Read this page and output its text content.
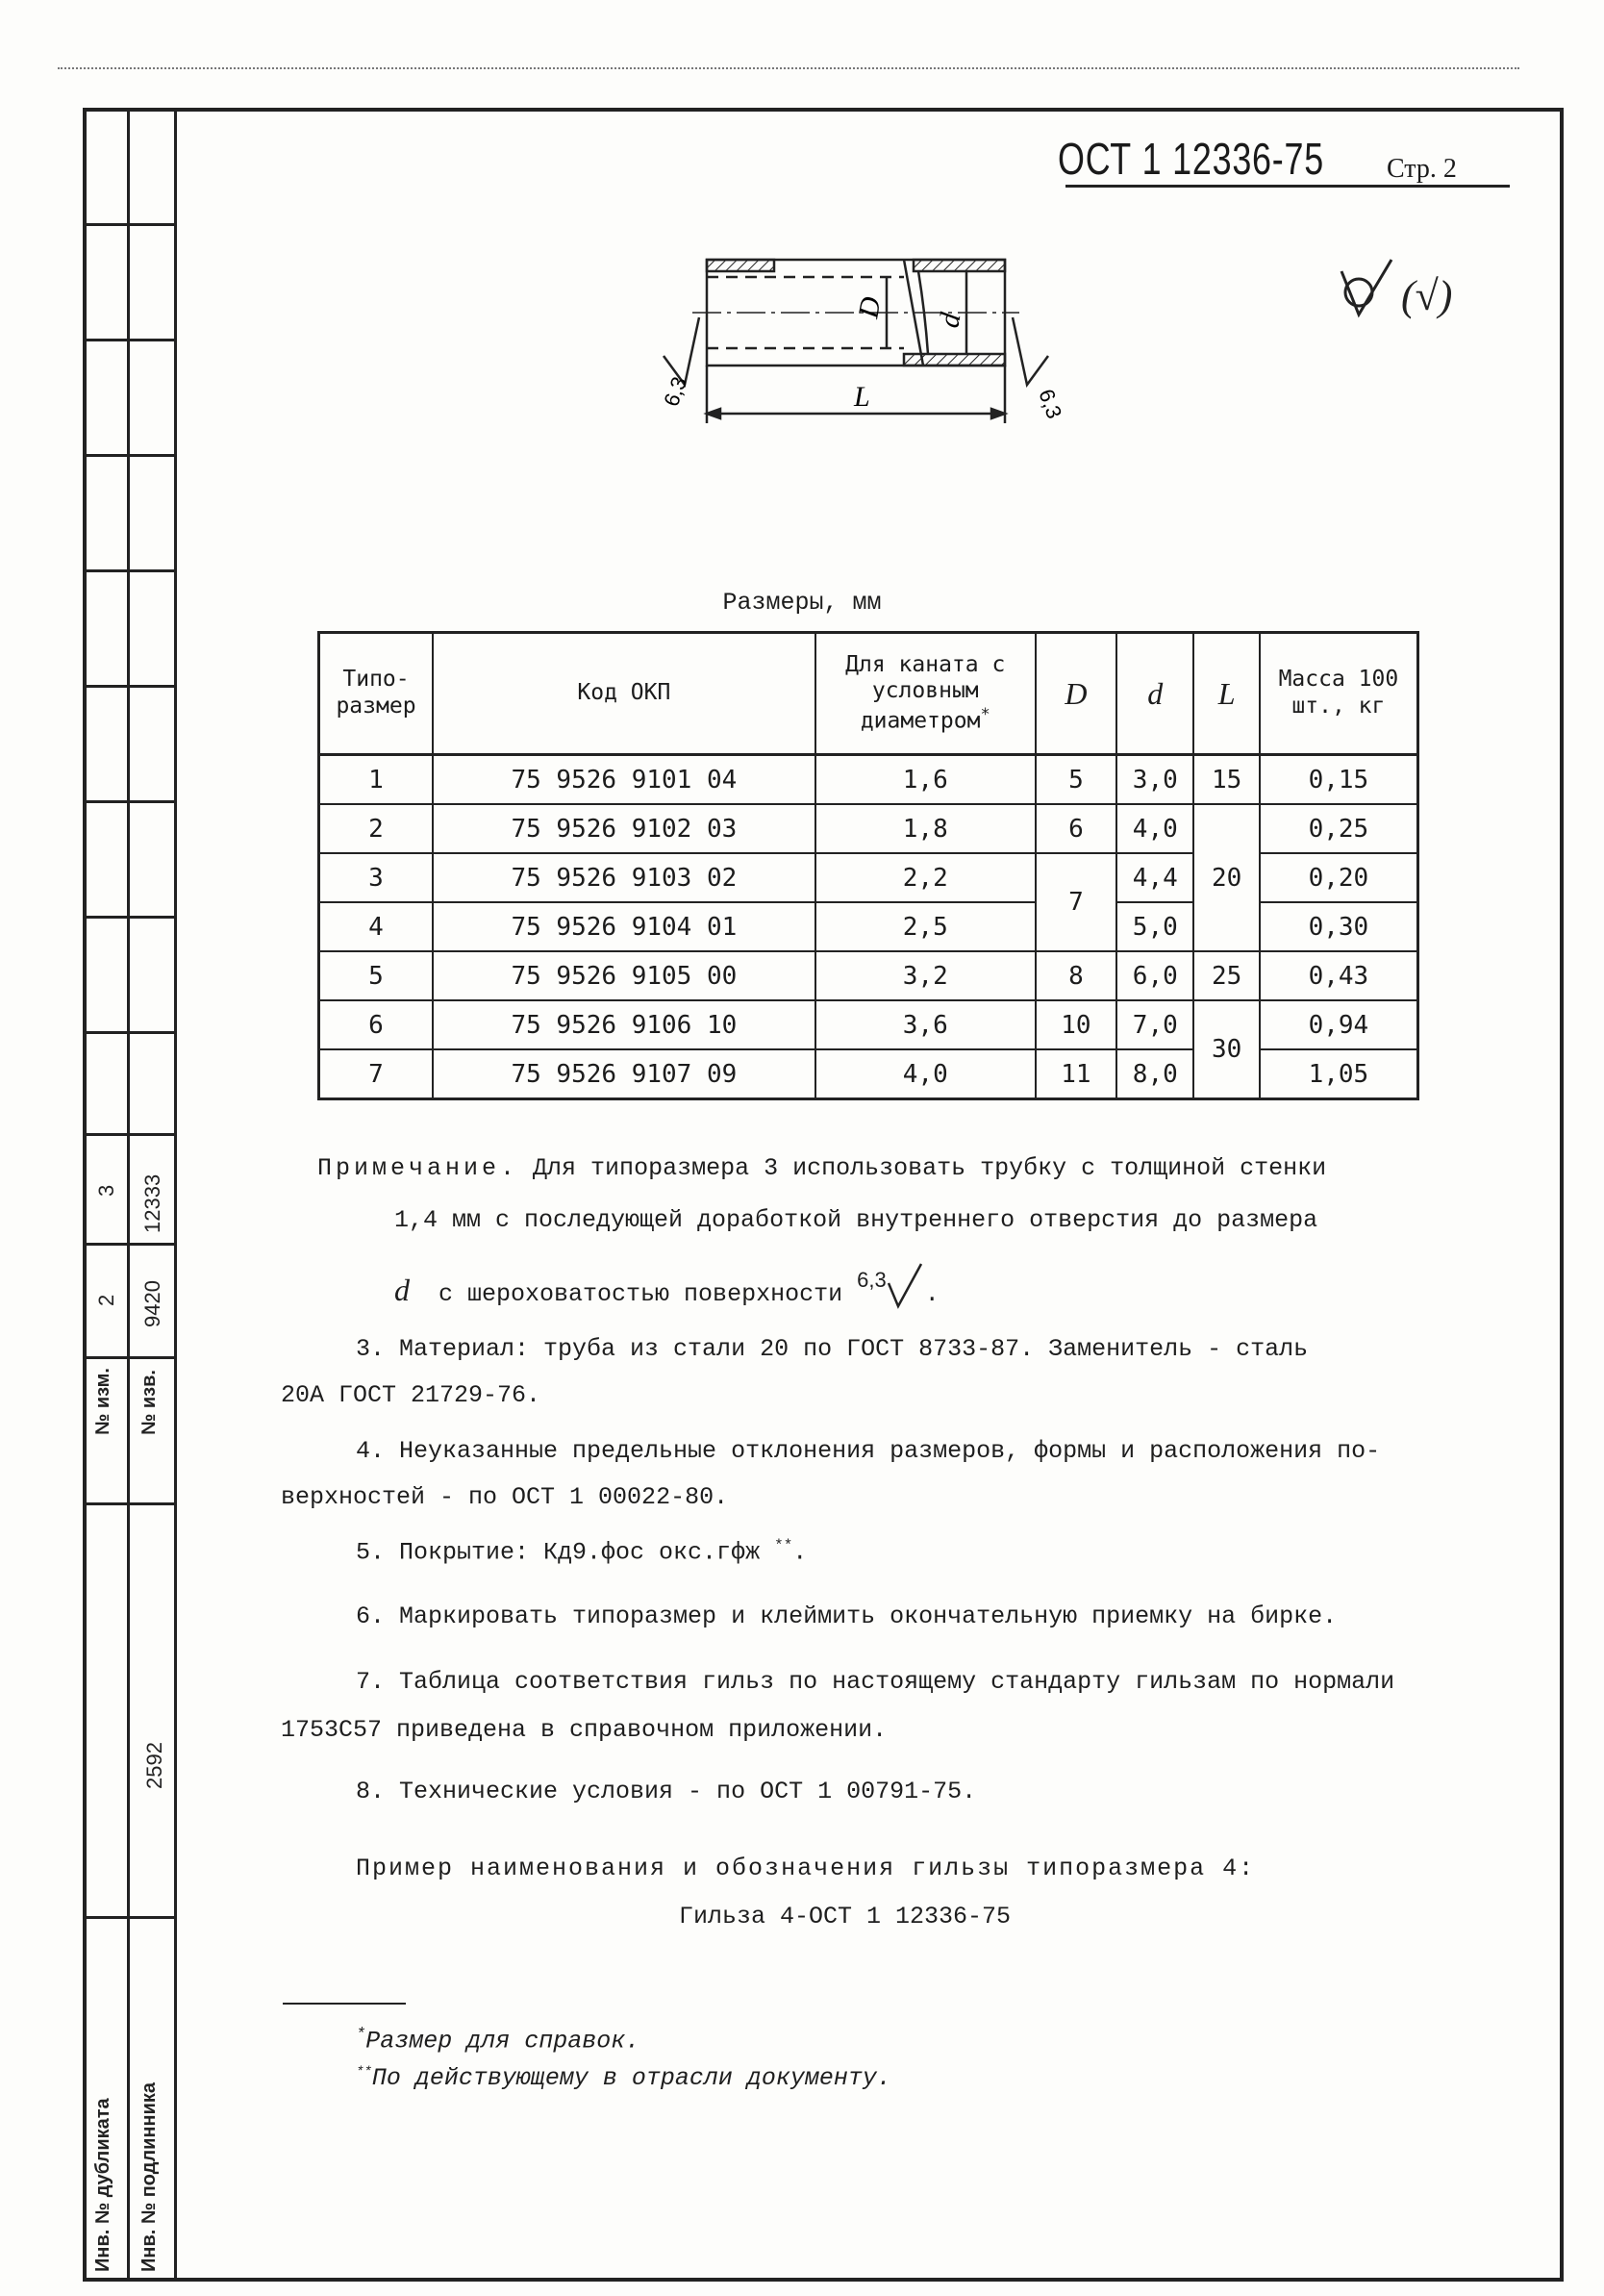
3 12333
2 9420
№ изм. № изв.
2592
Инв. № дубликата Инв. № подлинника
ОСТ 1 12336-75 Стр. 2
D d
L
6,3	6,3
(√)
Размеры, мм
Типо-размер	Код ОКП	Для каната с условным диаметром*	D	d	L	Масса 100 шт., кг
1	75 9526 9101 04	1,6	5	3,0	15	0,15
2	75 9526 9102 03	1,8	6	4,0	20	0,25
3	75 9526 9103 02	2,2	7	4,4		0,20
4	75 9526 9104 01	2,5		5,0		0,30
5	75 9526 9105 00	3,2	8	6,0	25	0,43
6	75 9526 9106 10	3,6	10	7,0	30	0,94
7	75 9526 9107 09	4,0	11	8,0		1,05
Примечание. Для типоразмера 3 использовать трубку с толщиной стенки
1,4 мм с последующей доработкой внутреннего отверстия до размера
d с шероховатостью поверхности 6,3.
3. Материал: труба из стали 20 по ГОСТ 8733-87. Заменитель - сталь
20А ГОСТ 21729-76.
4. Неуказанные предельные отклонения размеров, формы и расположения по-
верхностей - по ОСТ 1 00022-80.
5. Покрытие: Кд9.фос окс.гфж **.
6. Маркировать типоразмер и клеймить окончательную приемку на бирке.
7. Таблица соответствия гильз по настоящему стандарту гильзам по нормали
1753С57 приведена в справочном приложении.
8. Технические условия - по ОСТ 1 00791-75.
Пример наименования и обозначения гильзы типоразмера 4:
Гильза 4-ОСТ 1 12336-75
*Размер для справок.
**По действующему в отрасли документу.
